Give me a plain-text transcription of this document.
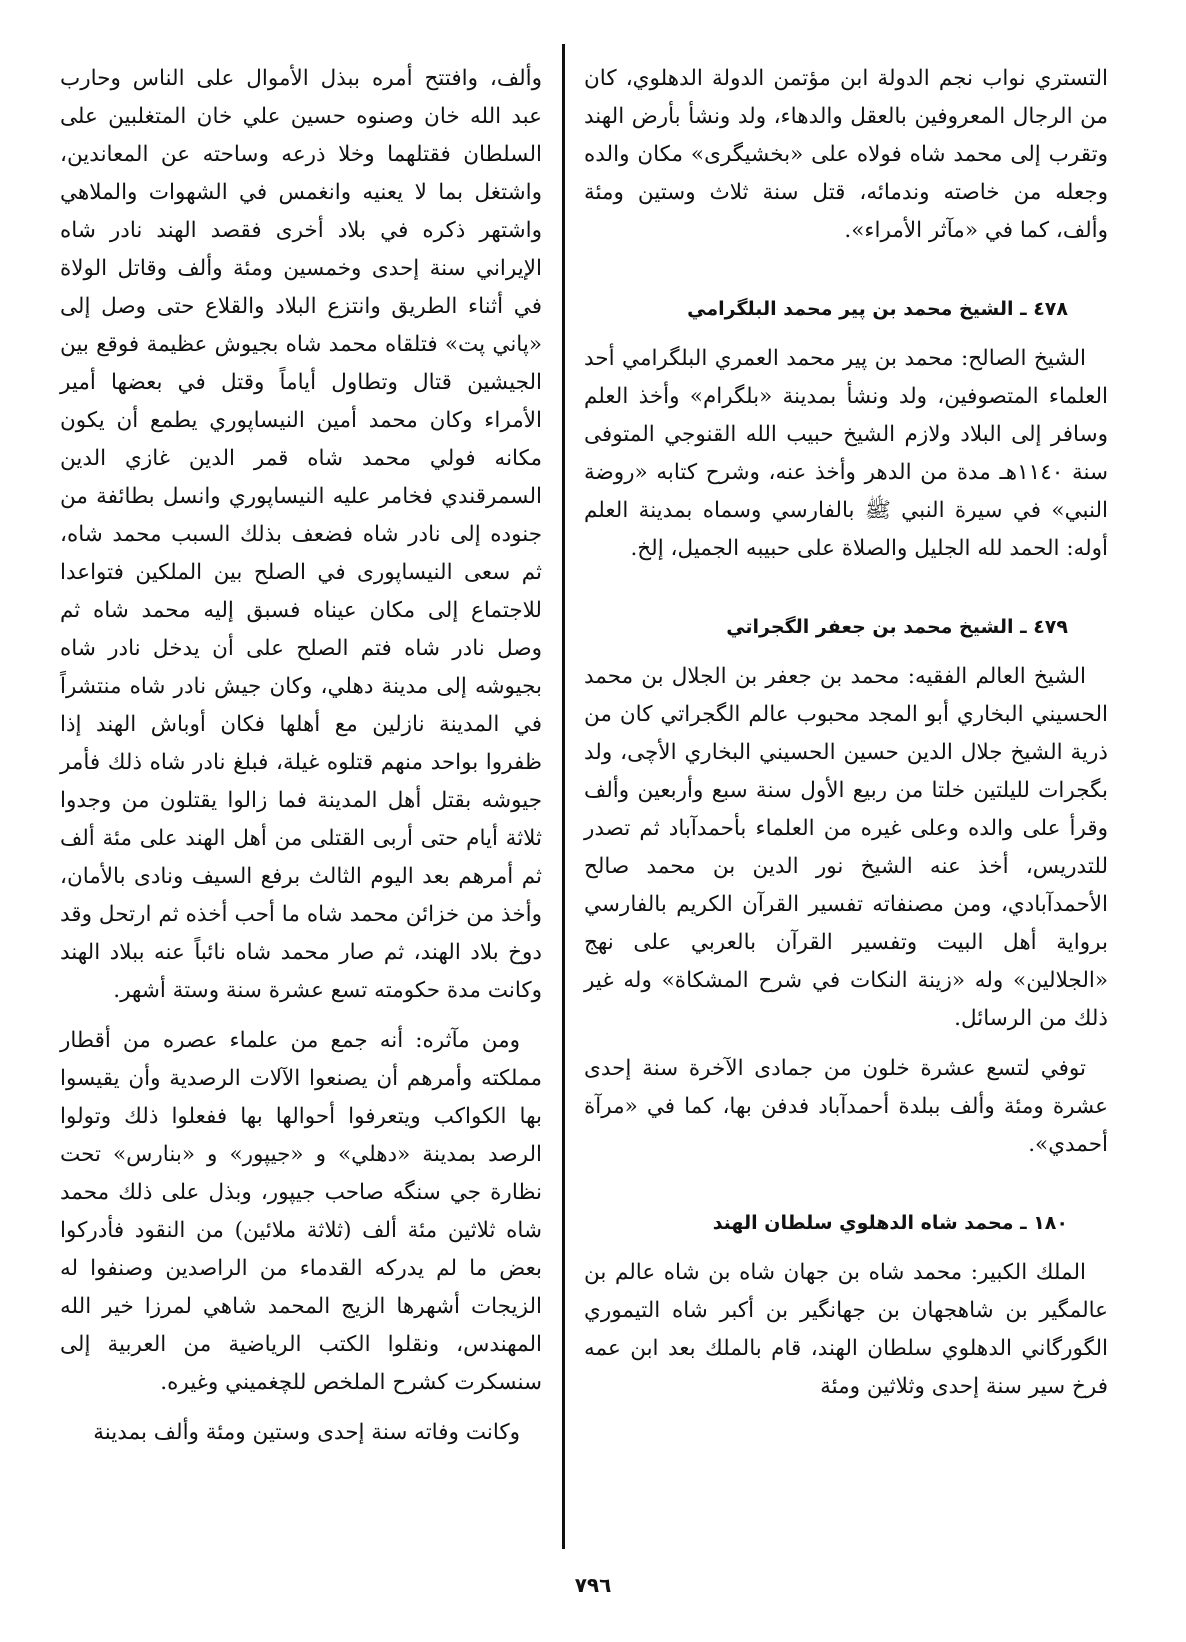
التستري نواب نجم الدولة ابن مؤتمن الدولة الدهلوي، كان من الرجال المعروفين بالعقل والدهاء، ولد ونشأ بأرض الهند وتقرب إلى محمد شاه فولاه على «بخشيگرى» مكان والده وجعله من خاصته وندمائه، قتل سنة ثلاث وستين ومئة وألف، كما في «مآثر الأمراء».

٤٧٨ ـ الشيخ محمد بن پير محمد البلگرامي

الشيخ الصالح: محمد بن پير محمد العمري البلگرامي أحد العلماء المتصوفين، ولد ونشأ بمدينة «بلگرام» وأخذ العلم وسافر إلى البلاد ولازم الشيخ حبيب الله القنوجي المتوفى سنة ١١٤٠هـ مدة من الدهر وأخذ عنه، وشرح كتابه «روضة النبي» في سيرة النبي ﷺ بالفارسي وسماه بمدينة العلم أوله: الحمد لله الجليل والصلاة على حبيبه الجميل، إلخ.

٤٧٩ ـ الشيخ محمد بن جعفر الگجراتي

الشيخ العالم الفقيه: محمد بن جعفر بن الجلال بن محمد الحسيني البخاري أبو المجد محبوب عالم الگجراتي كان من ذرية الشيخ جلال الدين حسين الحسيني البخاري الأچى، ولد بگجرات لليلتين خلتا من ربيع الأول سنة سبع وأربعين وألف وقرأ على والده وعلى غيره من العلماء بأحمدآباد ثم تصدر للتدريس، أخذ عنه الشيخ نور الدين بن محمد صالح الأحمدآبادي، ومن مصنفاته تفسير القرآن الكريم بالفارسي برواية أهل البيت وتفسير القرآن بالعربي على نهج «الجلالين» وله «زينة النكات في شرح المشكاة» وله غير ذلك من الرسائل.

توفي لتسع عشرة خلون من جمادى الآخرة سنة إحدى عشرة ومئة وألف ببلدة أحمدآباد فدفن بها، كما في «مرآة أحمدي».

١٨٠ ـ محمد شاه الدهلوي سلطان الهند

الملك الكبير: محمد شاه بن جهان شاه بن شاه عالم بن عالمگير بن شاهجهان بن جهانگير بن أكبر شاه التيموري الگورگاني الدهلوي سلطان الهند، قام بالملك بعد ابن عمه فرخ سير سنة إحدى وثلاثين ومئة

وألف، وافتتح أمره ببذل الأموال على الناس وحارب عبد الله خان وصنوه حسين علي خان المتغلبين على السلطان فقتلهما وخلا ذرعه وساحته عن المعاندين، واشتغل بما لا يعنيه وانغمس في الشهوات والملاهي واشتهر ذكره في بلاد أخرى فقصد الهند نادر شاه الإيراني سنة إحدى وخمسين ومئة وألف وقاتل الولاة في أثناء الطريق وانتزع البلاد والقلاع حتى وصل إلى «پاني پت» فتلقاه محمد شاه بجيوش عظيمة فوقع بين الجيشين قتال وتطاول أياماً وقتل في بعضها أمير الأمراء وكان محمد أمين النيساپوري يطمع أن يكون مكانه فولي محمد شاه قمر الدين غازي الدين السمرقندي فخامر عليه النيساپوري وانسل بطائفة من جنوده إلى نادر شاه فضعف بذلك السبب محمد شاه، ثم سعى النيساپورى في الصلح بين الملكين فتواعدا للاجتماع إلى مكان عيناه فسبق إليه محمد شاه ثم وصل نادر شاه فتم الصلح على أن يدخل نادر شاه بجيوشه إلى مدينة دهلي، وكان جيش نادر شاه منتشراً في المدينة نازلين مع أهلها فكان أوباش الهند إذا ظفروا بواحد منهم قتلوه غيلة، فبلغ نادر شاه ذلك فأمر جيوشه بقتل أهل المدينة فما زالوا يقتلون من وجدوا ثلاثة أيام حتى أربى القتلى من أهل الهند على مئة ألف ثم أمرهم بعد اليوم الثالث برفع السيف ونادى بالأمان، وأخذ من خزائن محمد شاه ما أحب أخذه ثم ارتحل وقد دوخ بلاد الهند، ثم صار محمد شاه نائباً عنه ببلاد الهند وكانت مدة حكومته تسع عشرة سنة وستة أشهر.

ومن مآثره: أنه جمع من علماء عصره من أقطار مملكته وأمرهم أن يصنعوا الآلات الرصدية وأن يقيسوا بها الكواكب ويتعرفوا أحوالها بها ففعلوا ذلك وتولوا الرصد بمدينة «دهلي» و «جيپور» و «بنارس» تحت نظارة جي سنگه صاحب جيپور، وبذل على ذلك محمد شاه ثلاثين مئة ألف (ثلاثة ملائين) من النقود فأدركوا بعض ما لم يدركه القدماء من الراصدين وصنفوا له الزيجات أشهرها الزيج المحمد شاهي لمرزا خير الله المهندس، ونقلوا الكتب الرياضية من العربية إلى سنسكرت كشرح الملخص للچغميني وغيره.

وكانت وفاته سنة إحدى وستين ومئة وألف بمدينة

٧٩٦
